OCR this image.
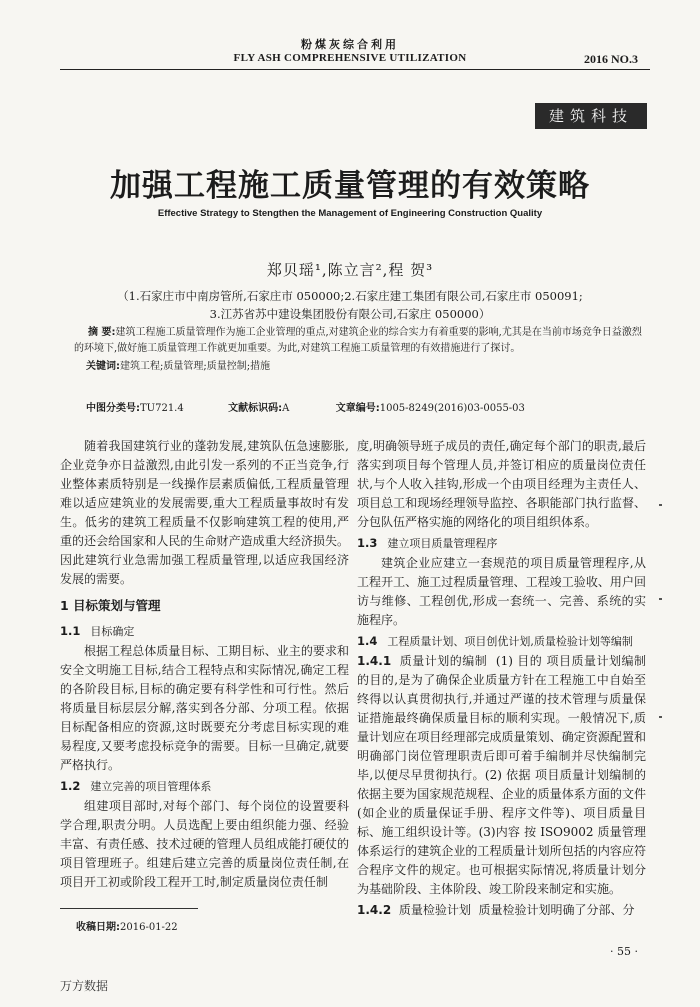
粉煤灰综合利用
FLY ASH COMPREHENSIVE UTILIZATION	2016 NO.3
建筑科技
加强工程施工质量管理的有效策略
Effective Strategy to Stengthen the Management of Engineering Construction Quality
郑贝瑶¹,陈立言²,程 贺³
（1.石家庄市中南房管所,石家庄市 050000;2.石家庄建工集团有限公司,石家庄市 050091;
3.江苏省苏中建设集团股份有限公司,石家庄 050000）

摘 要:建筑工程施工质量管理作为施工企业管理的重点,对建筑企业的综合实力有着重要的影响,尤其是在当前市场竞争日益激烈的环境下,做好施工质量管理工作就更加重要。为此,对建筑工程施工质量管理的有效措施进行了探讨。

关键词:建筑工程;质量管理;质量控制;措施

中图分类号:TU721.4	文献标识码:A	文章编号:1005-8249(2016)03-0055-03

随着我国建筑行业的蓬勃发展,建筑队伍急速膨胀,企业竞争亦日益激烈,由此引发一系列的不正当竞争,行业整体素质特别是一线操作层素质偏低,工程质量管理难以适应建筑业的发展需要,重大工程质量事故时有发生。低劣的建筑工程质量不仅影响建筑工程的使用,严重的还会给国家和人民的生命财产造成重大经济损失。因此建筑行业急需加强工程质量管理,以适应我国经济发展的需要。

1 目标策划与管理
1.1 目标确定

根据工程总体质量目标、工期目标、业主的要求和安全文明施工目标,结合工程特点和实际情况,确定工程的各阶段目标,目标的确定要有科学性和可行性。然后将质量目标层层分解,落实到各分部、分项工程。依据目标配备相应的资源,这时既要充分考虑目标实现的难易程度,又要考虑投标竞争的需要。目标一旦确定,就要严格执行。

1.2 建立完善的项目管理体系

组建项目部时,对每个部门、每个岗位的设置要科学合理,职责分明。人员选配上要由组织能力强、经验丰富、有责任感、技术过硬的管理人员组成能打硬仗的项目管理班子。组建后建立完善的质量岗位责任制,在项目开工初或阶段工程开工时,制定质量岗位责任制

度,明确领导班子成员的责任,确定每个部门的职责,最后落实到项目每个管理人员,并签订相应的质量岗位责任状,与个人收入挂钩,形成一个由项目经理为主责任人、项目总工和现场经理领导监控、各职能部门执行监督、分包队伍严格实施的网络化的项目组织体系。

1.3 建立项目质量管理程序

建筑企业应建立一套规范的项目质量管理程序,从工程开工、施工过程质量管理、工程竣工验收、用户回访与维修、工程创优,形成一套统一、完善、系统的实施程序。

1.4 工程质量计划、项目创优计划,质量检验计划等编制

1.4.1 质量计划的编制 (1) 目的 项目质量计划编制的目的,是为了确保企业质量方针在工程施工中自始至终得以认真贯彻执行,并通过严谨的技术管理与质量保证措施最终确保质量目标的顺利实现。一般情况下,质量计划应在项目经理部完成质量策划、确定资源配置和明确部门岗位管理职责后即可着手编制并尽快编制完毕,以便尽早贯彻执行。(2) 依据 项目质量计划编制的依据主要为国家规范规程、企业的质量体系方面的文件(如企业的质量保证手册、程序文件等)、项目质量目标、施工组织设计等。(3)内容 按 ISO9002 质量管理体系运行的建筑企业的工程质量计划所包括的内容应符合程序文件的规定。也可根据实际情况,将质量计划分为基础阶段、主体阶段、竣工阶段来制定和实施。

1.4.2 质量检验计划 质量检验计划明确了分部、分

收稿日期:2016-01-22
· 55 ·
万方数据
